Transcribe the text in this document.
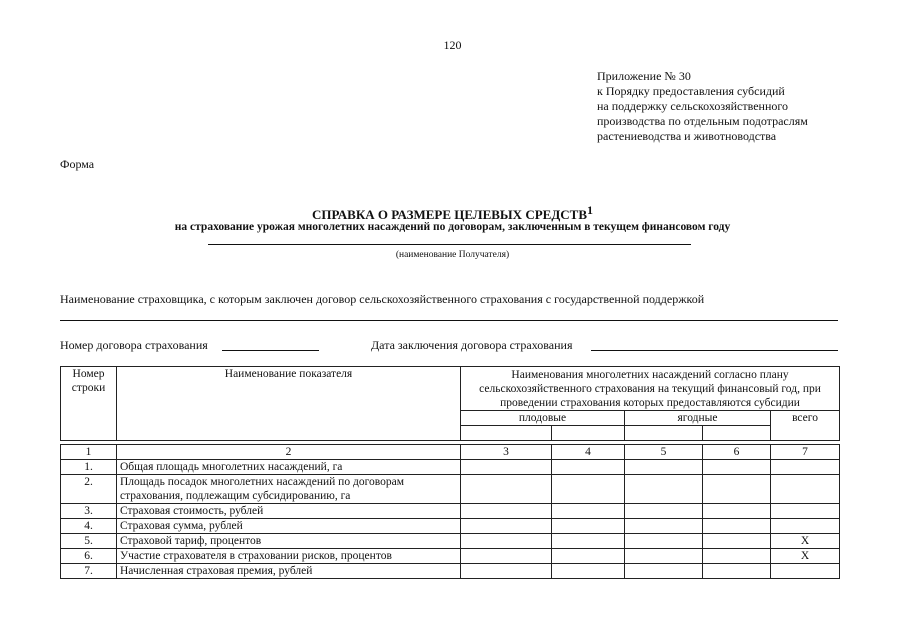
120
Приложение № 30
к Порядку предоставления субсидий
на поддержку сельскохозяйственного
производства по отдельным подотраслям
растениеводства и животноводства
Форма
СПРАВКА О РАЗМЕРЕ ЦЕЛЕВЫХ СРЕДСТВ$^1$
на страхование урожая многолетних насаждений по договорам, заключенным в текущем финансовом году
(наименование Получателя)
Наименование страховщика, с которым заключен договор сельскохозяйственного страхования с государственной поддержкой
Номер договора страхования	Дата заключения договора страхования
Номер строки	Наименование показателя	Наименования многолетних насаждений согласно плану сельскохозяйственного страхования на текущий финансовый год, при проведении страхования которых предоставляются субсидии				
		плодовые		ягодные		всего

1	2	3	4	5	6	7
1.	Общая площадь многолетних насаждений, га					
2.	Площадь посадок многолетних насаждений по договорам страхования, подлежащим субсидированию, га					
3.	Страховая стоимость, рублей					
4.	Страховая сумма, рублей					
5.	Страховой тариф, процентов					X
6.	Участие страхователя в страховании рисков, процентов					X
7.	Начисленная страховая премия, рублей					
